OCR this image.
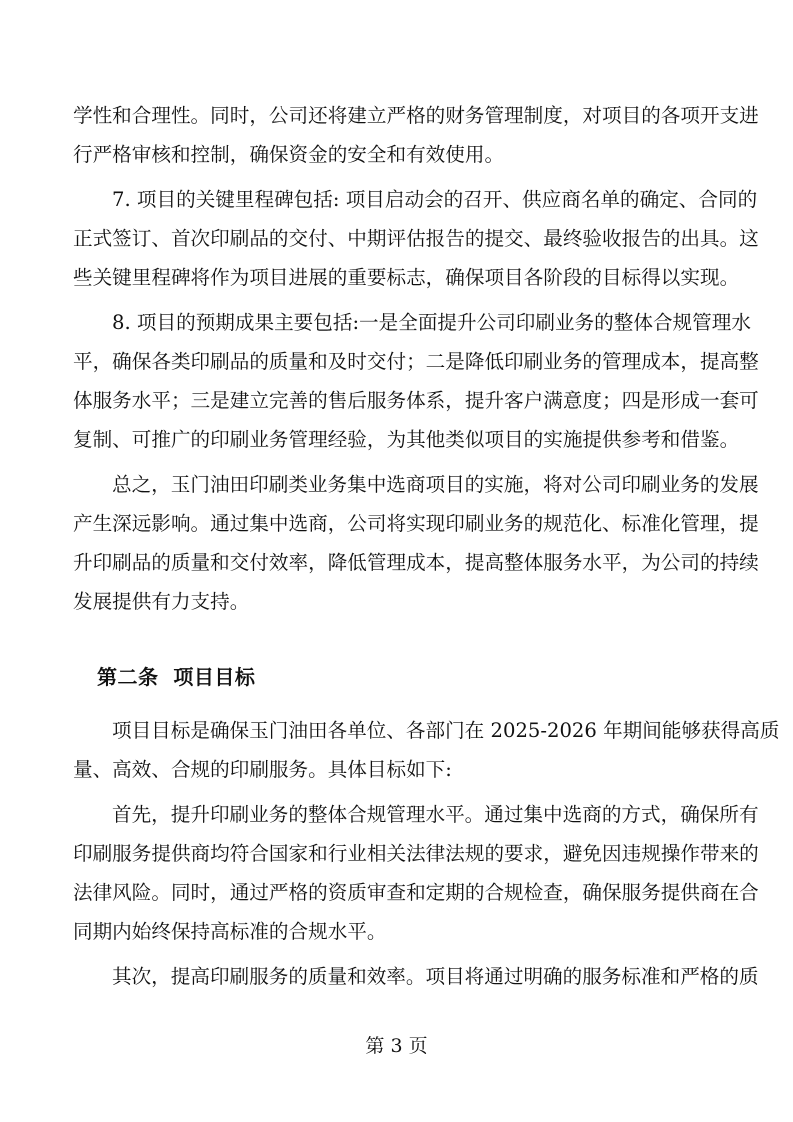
学性和合理性。同时，公司还将建立严格的财务管理制度，对项目的各项开支进
行严格审核和控制，确保资金的安全和有效使用。
7. 项目的关键里程碑包括: 项目启动会的召开、供应商名单的确定、合同的
正式签订、首次印刷品的交付、中期评估报告的提交、最终验收报告的出具。这
些关键里程碑将作为项目进展的重要标志，确保项目各阶段的目标得以实现。
8. 项目的预期成果主要包括:一是全面提升公司印刷业务的整体合规管理水
平，确保各类印刷品的质量和及时交付；二是降低印刷业务的管理成本，提高整
体服务水平；三是建立完善的售后服务体系，提升客户满意度；四是形成一套可
复制、可推广的印刷业务管理经验，为其他类似项目的实施提供参考和借鉴。
总之，玉门油田印刷类业务集中选商项目的实施，将对公司印刷业务的发展
产生深远影响。通过集中选商，公司将实现印刷业务的规范化、标准化管理，提
升印刷品的质量和交付效率，降低管理成本，提高整体服务水平，为公司的持续
发展提供有力支持。
第二条  项目目标
项目目标是确保玉门油田各单位、各部门在 2025-2026 年期间能够获得高质
量、高效、合规的印刷服务。具体目标如下:
首先，提升印刷业务的整体合规管理水平。通过集中选商的方式，确保所有
印刷服务提供商均符合国家和行业相关法律法规的要求，避免因违规操作带来的
法律风险。同时，通过严格的资质审查和定期的合规检查，确保服务提供商在合
同期内始终保持高标准的合规水平。
其次，提高印刷服务的质量和效率。项目将通过明确的服务标准和严格的质
第 3 页
